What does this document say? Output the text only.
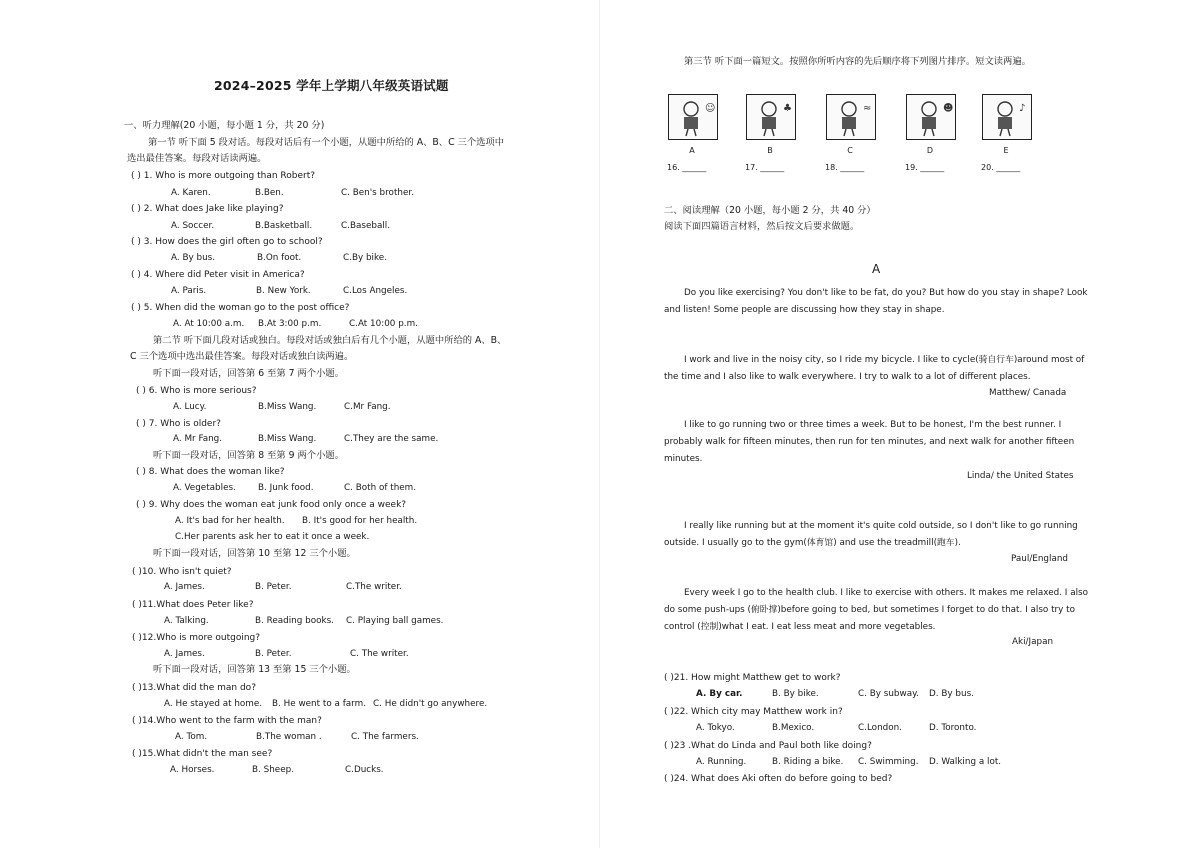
2024–2025 学年上学期八年级英语试题
一、听力理解(20 小题，每小题 1 分，共 20 分)
第一节 听下面 5 段对话。每段对话后有一个小题，从题中所给的 A、B、C 三个选项中
选出最佳答案。每段对话读两遍。
( ) 1. Who is more outgoing than Robert?
( ) 2. What does Jake like playing?
( ) 3. How does the girl often go to school?
( ) 4. Where did Peter visit in America?
( ) 5. When did the woman go to the post office?
第二节 听下面几段对话或独白。每段对话或独白后有几个小题，从题中所给的 A、B、
C 三个选项中选出最佳答案。每段对话或独白读两遍。
听下面一段对话，回答第 6 至第 7 两个小题。
( ) 6. Who is more serious?
( ) 7. Who is older?
听下面一段对话，回答第 8 至第 9 两个小题。
( ) 8. What does the woman like?
( ) 9. Why does the woman eat junk food only once a week?
听下面一段对话，回答第 10 至第 12 三个小题。
( )10. Who isn't quiet?
( )11.What does Peter like?
( )12.Who is more outgoing?
听下面一段对话，回答第 13 至第 15 三个小题。
( )13.What did the man do?
( )14.Who went to the farm with the man?
( )15.What didn't the man see?
A. Karen.	B.Ben.	C. Ben's brother.
A. Soccer.	B.Basketball.	C.Baseball.
A. By bus.	B.On foot.	C.By bike.
A. Paris.	B. New York.	C.Los Angeles.
A. At 10:00 a.m. B.At 3:00 p.m.	C.At 10:00 p.m.
A. Lucy.	B.Miss Wang.	C.Mr Fang.
A. Mr Fang.	B.Miss Wang.	C.They are the same.
A. Vegetables.	B. Junk food.	C. Both of them.
A. It's bad for her health. B. It's good for her health.
C.Her parents ask her to eat it once a week.
A. James.	B. Peter.	C.The writer.
A. Talking.	B. Reading books. C. Playing ball games.
A. James.	B. Peter.	C. The writer.
A. He stayed at home. B. He went to a farm. C. He didn't go anywhere.
A. Tom.	B.The woman .	C. The farmers.
A. Horses.	B. Sheep.	C.Ducks.
第三节 听下面一篇短文。按照你所听内容的先后顺序将下列图片排序。短文读两遍。
☺
A
16. ______
♣
B
17. ______
≈
C
18. ______
☻
D
19. ______
♪
E
20. ______
二、阅读理解（20 小题，每小题 2 分，共 40 分）
阅读下面四篇语言材料，然后按文后要求做题。
A
Do you like exercising? You don't like to be fat, do you? But how do you stay in shape? Look and listen! Some people are discussing how they stay in shape.
I work and live in the noisy city, so I ride my bicycle. I like to cycle(骑自行车)around most of the time and I also like to walk everywhere. I try to walk to a lot of different places.
Matthew/ Canada
I like to go running two or three times a week. But to be honest, I'm the best runner. I probably walk for fifteen minutes, then run for ten minutes, and next walk for another fifteen minutes.
Linda/ the United States
I really like running but at the moment it's quite cold outside, so I don't like to go running outside. I usually go to the gym(体育馆) and use the treadmill(跑车).
Paul/England
Every week I go to the health club. I like to exercise with others. It makes me relaxed. I also do some push-ups (俯卧撑)before going to bed, but sometimes I forget to do that. I also try to control (控制)what I eat. I eat less meat and more vegetables.
Aki/Japan
( )21. How might Matthew get to work?
A. By car.	B. By bike.	C. By subway. D. By bus.
( )22. Which city may Matthew work in?
A. Tokyo.	B.Mexico.	C.London.	D. Toronto.
( )23 .What do Linda and Paul both like doing?
A. Running.	B. Riding a bike. C. Swimming. D. Walking a lot.
( )24. What does Aki often do before going to bed?
